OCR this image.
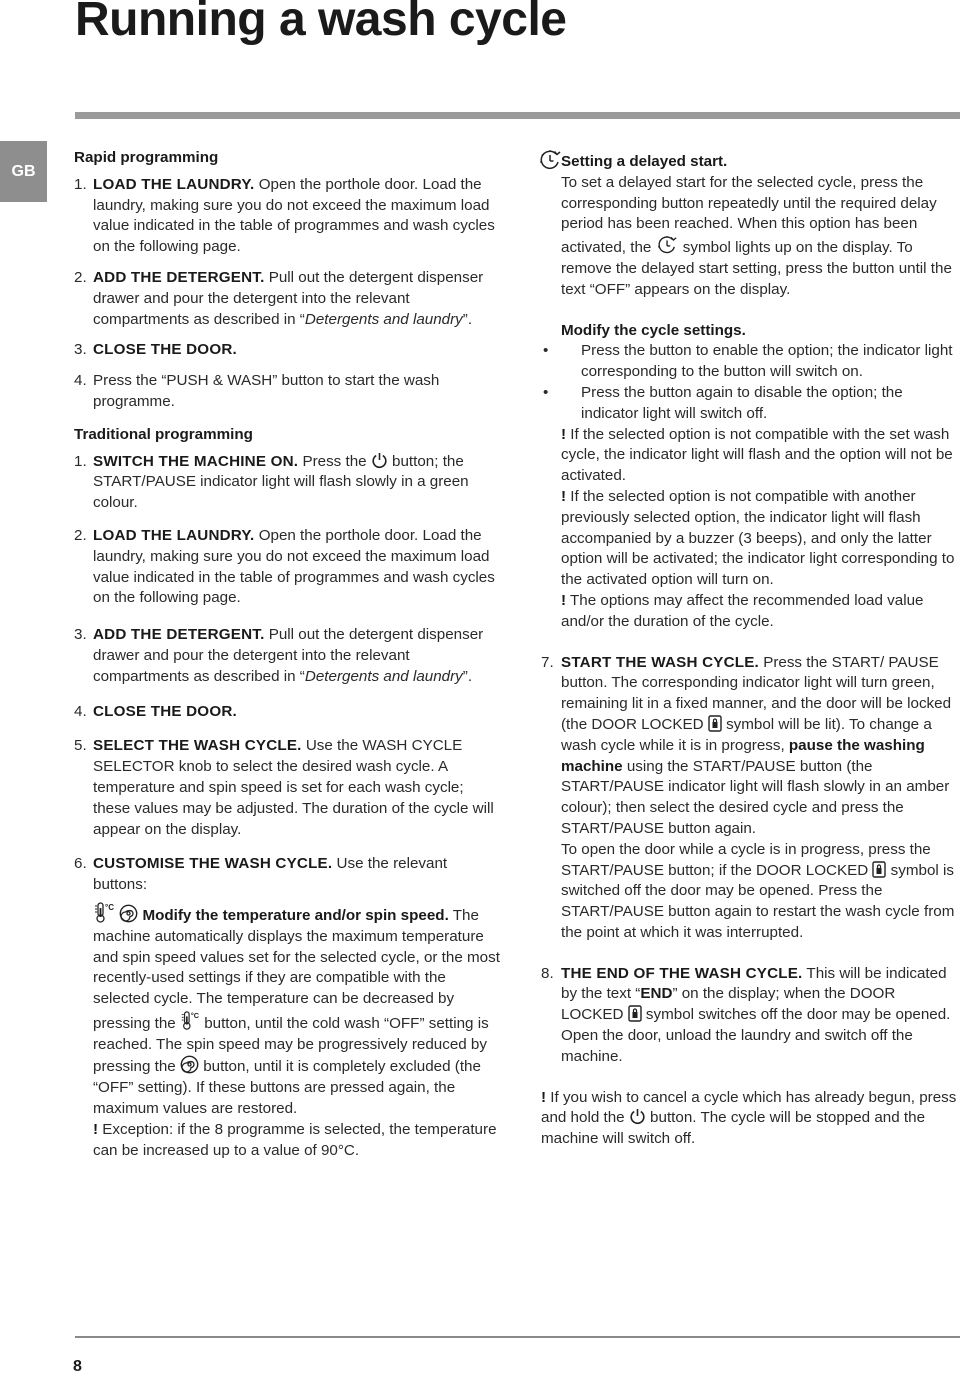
Running a wash cycle
GB
Rapid programming
1. LOAD THE LAUNDRY. Open the porthole door. Load the laundry, making sure you do not exceed the maximum load value indicated in the table of programmes and wash cycles on the following page.
2. ADD THE DETERGENT. Pull out the detergent dispenser drawer and pour the detergent into the relevant compartments as described in “Detergents and laundry”.
3. CLOSE THE DOOR.
4. Press the “PUSH & WASH” button to start the wash programme.
Traditional programming
1. SWITCH THE MACHINE ON. Press the
button; the START/PAUSE indicator light will flash slowly in a green colour.
2. LOAD THE LAUNDRY. Open the porthole door. Load the laundry, making sure you do not exceed the maximum load value indicated in the table of programmes and wash cycles on the following page.
3. ADD THE DETERGENT. Pull out the detergent dispenser drawer and pour the detergent into the relevant compartments as described in “Detergents and laundry”.
4. CLOSE THE DOOR.
5. SELECT THE WASH CYCLE. Use the WASH CYCLE SELECTOR knob to select the desired wash cycle. A temperature and spin speed is set for each wash cycle; these values may be adjusted. The duration of the cycle will appear on the display.
6. CUSTOMISE THE WASH CYCLE. Use the relevant buttons:
°C
Modify the temperature and/or spin speed. The machine automatically displays the maximum temperature and spin speed values set for the selected cycle, or the most recently-used settings if they are compatible with the selected cycle. The temperature can be decreased by pressing the °C button, until the cold wash “OFF” setting is reached. The spin speed may be progressively reduced by pressing the
button, until it is completely excluded (the “OFF” setting). If these buttons are pressed again, the maximum values are restored.
! Exception: if the 8 programme is selected, the temperature can be increased up to a value of 90°C.
Setting a delayed start.
To set a delayed start for the selected cycle, press the corresponding button repeatedly until the required delay period has been reached. When this option has been activated, the
symbol lights up on the display. To remove the delayed start setting, press the button until the text “OFF” appears on the display.
Modify the cycle settings.
• Press the button to enable the option; the indicator light corresponding to the button will switch on.
• Press the button again to disable the option; the indicator light will switch off.
! If the selected option is not compatible with the set wash cycle, the indicator light will flash and the option will not be activated.
! If the selected option is not compatible with another previously selected option, the indicator light will flash accompanied by a buzzer (3 beeps), and only the latter option will be activated; the indicator light corresponding to the activated option will turn on.
! The options may affect the recommended load value and/or the duration of the cycle.
7. START THE WASH CYCLE. Press the START/ PAUSE button. The corresponding indicator light will turn green, remaining lit in a fixed manner, and the door will be locked (the DOOR LOCKED
symbol will be lit). To change a wash cycle while it is in progress, pause the washing machine using the START/PAUSE button (the START/PAUSE indicator light will flash slowly in an amber colour); then select the desired cycle and press the START/PAUSE button again.
To open the door while a cycle is in progress, press the START/PAUSE button; if the DOOR LOCKED
symbol is switched off the door may be opened. Press the START/PAUSE button again to restart the wash cycle from the point at which it was interrupted.
8. THE END OF THE WASH CYCLE. This will be indicated by the text “END” on the display; when the DOOR LOCKED
symbol switches off the door may be opened. Open the door, unload the laundry and switch off the machine.
! If you wish to cancel a cycle which has already begun, press and hold the
button. The cycle will be stopped and the machine will switch off.
8
